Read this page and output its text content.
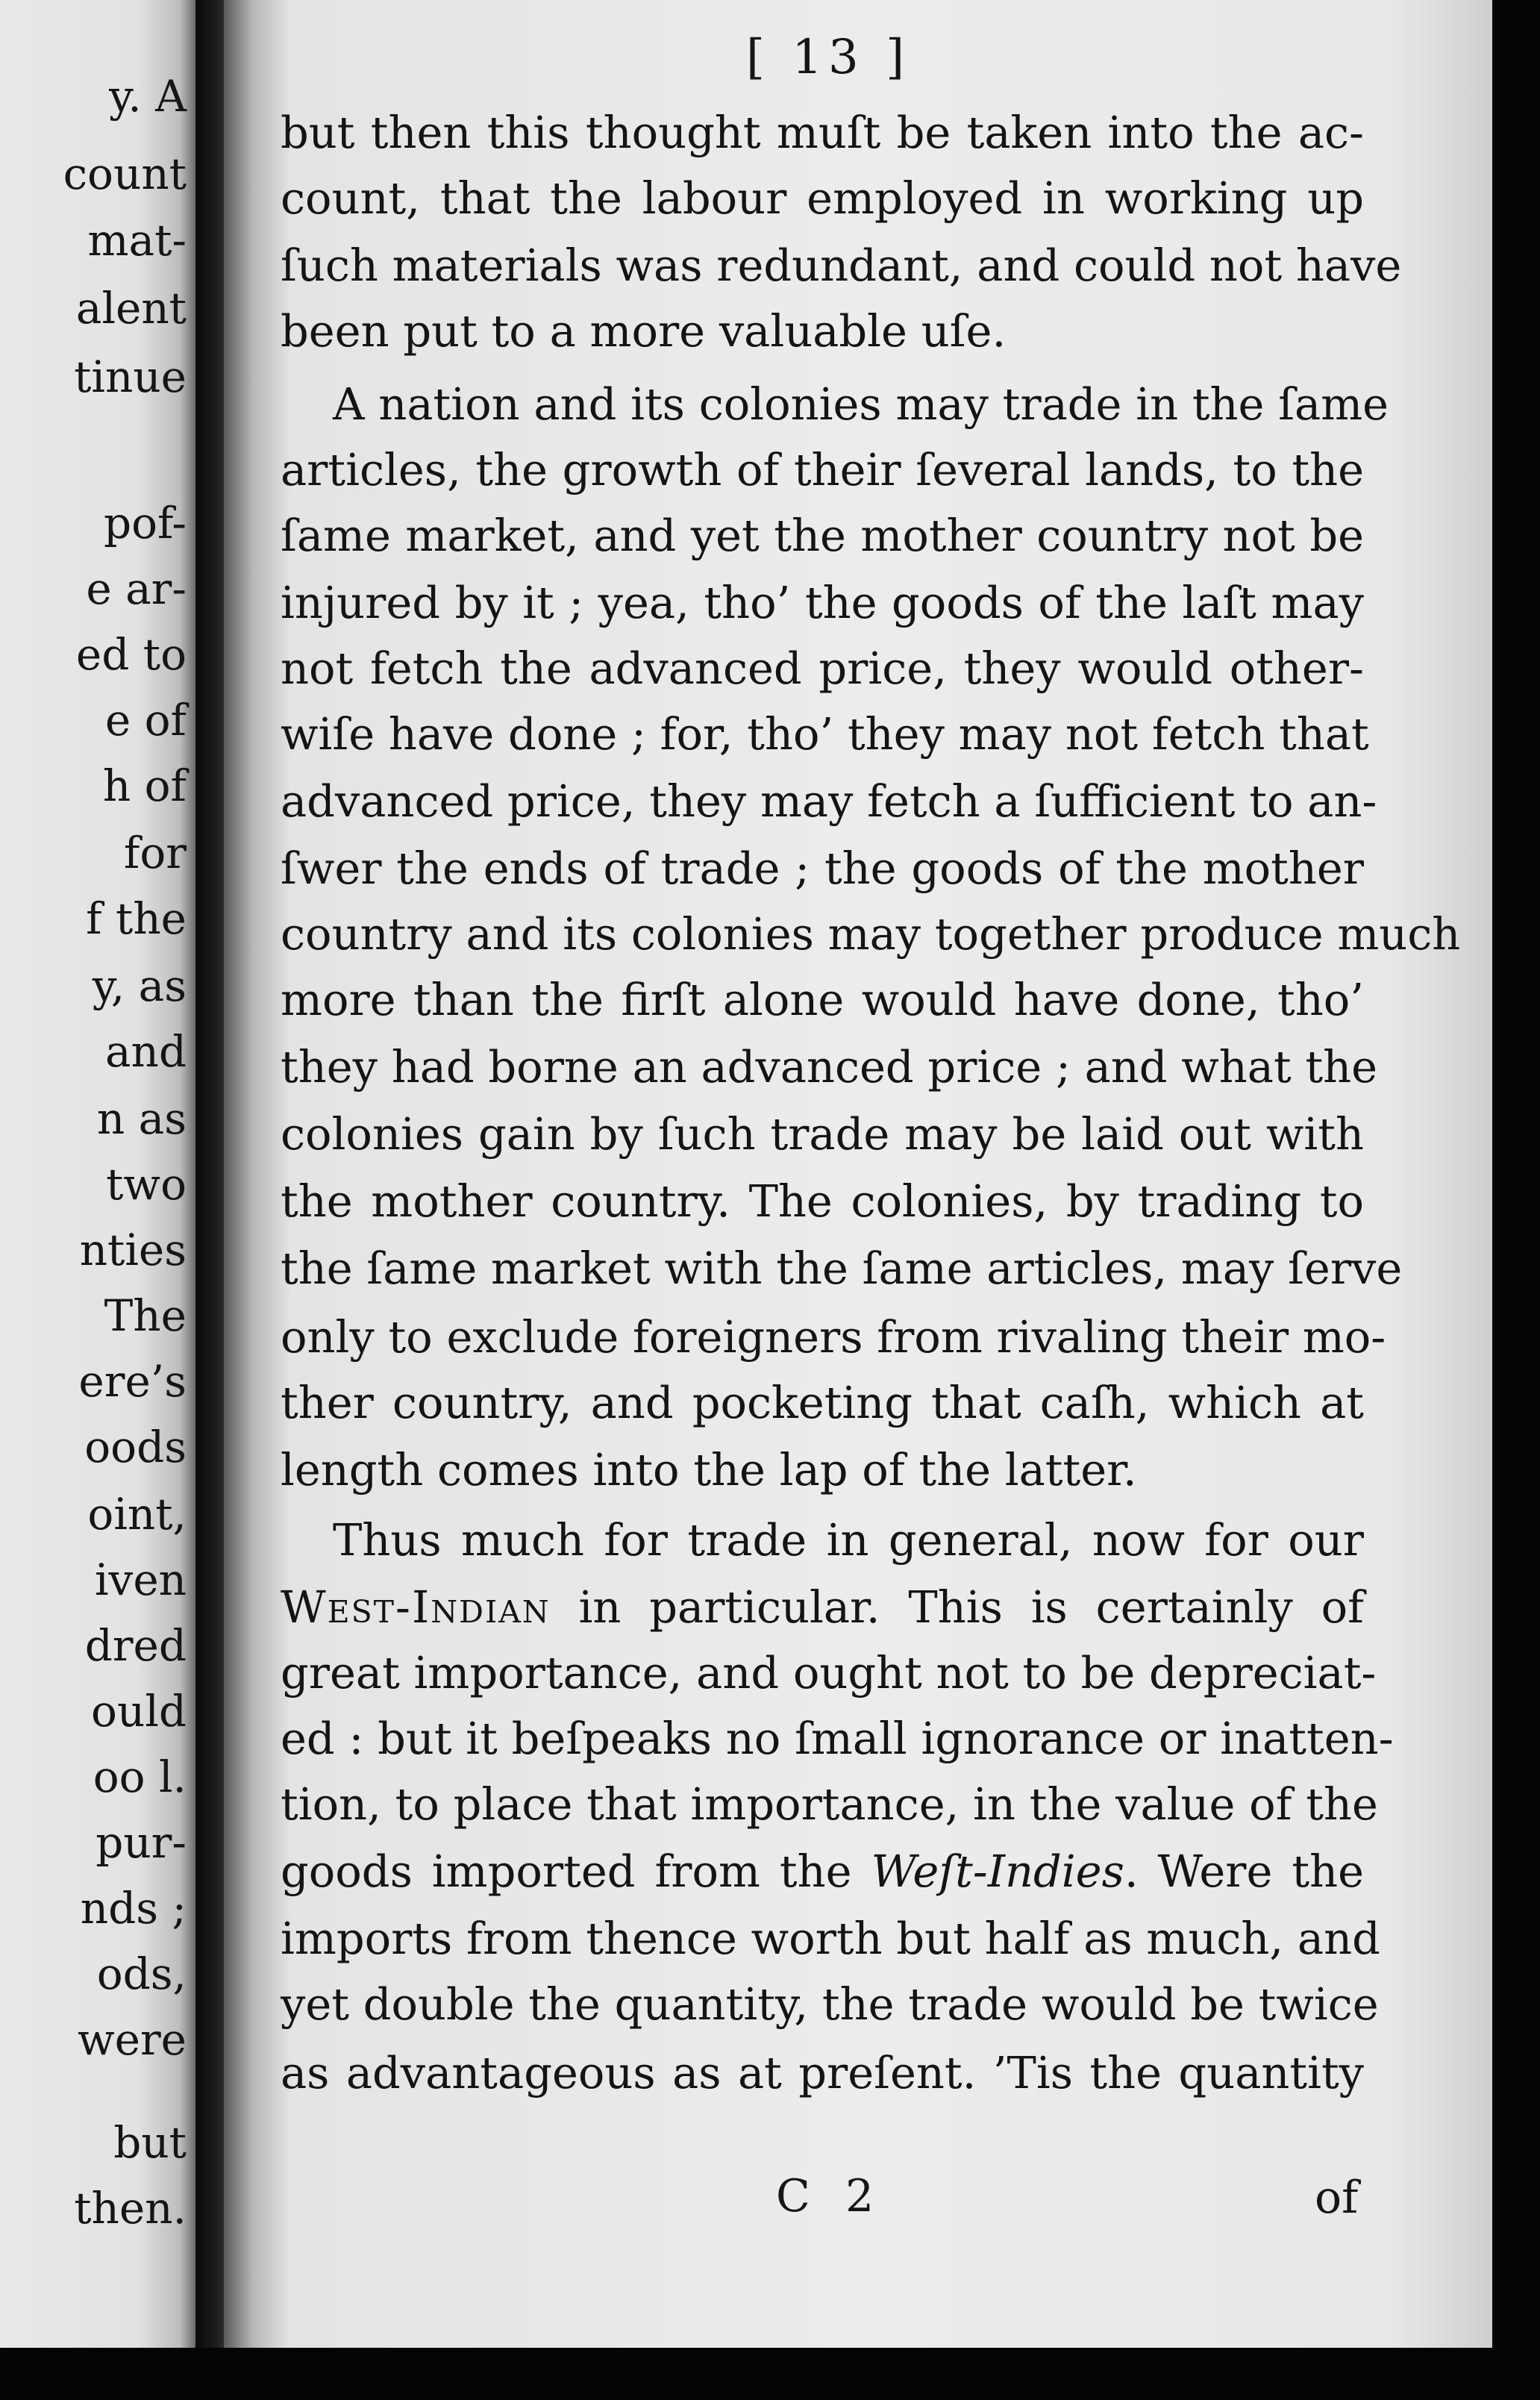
y. A
count
mat-
alent
tinue
pof-
e ar-
ed to
e of
h of
for
f the
y, as
and
n as
two
nties
The
ere’s
oods
oint,
iven
dred
ould
oo l.
pur-
nds ;
ods,
were
but
then.
[ 13 ]
but then this thought muſt be taken into the ac-
count, that the labour employed in working up
ſuch materials was redundant, and could not have
been put to a more valuable uſe.
A nation and its colonies may trade in the ſame
articles, the growth of their ſeveral lands, to the
ſame market, and yet the mother country not be
injured by it ; yea, tho’ the goods of the laſt may
not fetch the advanced price, they would other-
wiſe have done ; for, tho’ they may not fetch that
advanced price, they may fetch a ſufficient to an-
ſwer the ends of trade ; the goods of the mother
country and its colonies may together produce much
more than the firſt alone would have done, tho’
they had borne an advanced price ; and what the
colonies gain by ſuch trade may be laid out with
the mother country. The colonies, by trading to
the ſame market with the ſame articles, may ſerve
only to exclude foreigners from rivaling their mo-
ther country, and pocketing that caſh, which at
length comes into the lap of the latter.
Thus much for trade in general, now for our
West-Indian in particular. This is certainly of
great importance, and ought not to be depreciat-
ed : but it beſpeaks no ſmall ignorance or inatten-
tion, to place that importance, in the value of the
goods imported from the Weſt-Indies. Were the
imports from thence worth but half as much, and
yet double the quantity, the trade would be twice
as advantageous as at preſent. ’Tis the quantity
C 2	of
